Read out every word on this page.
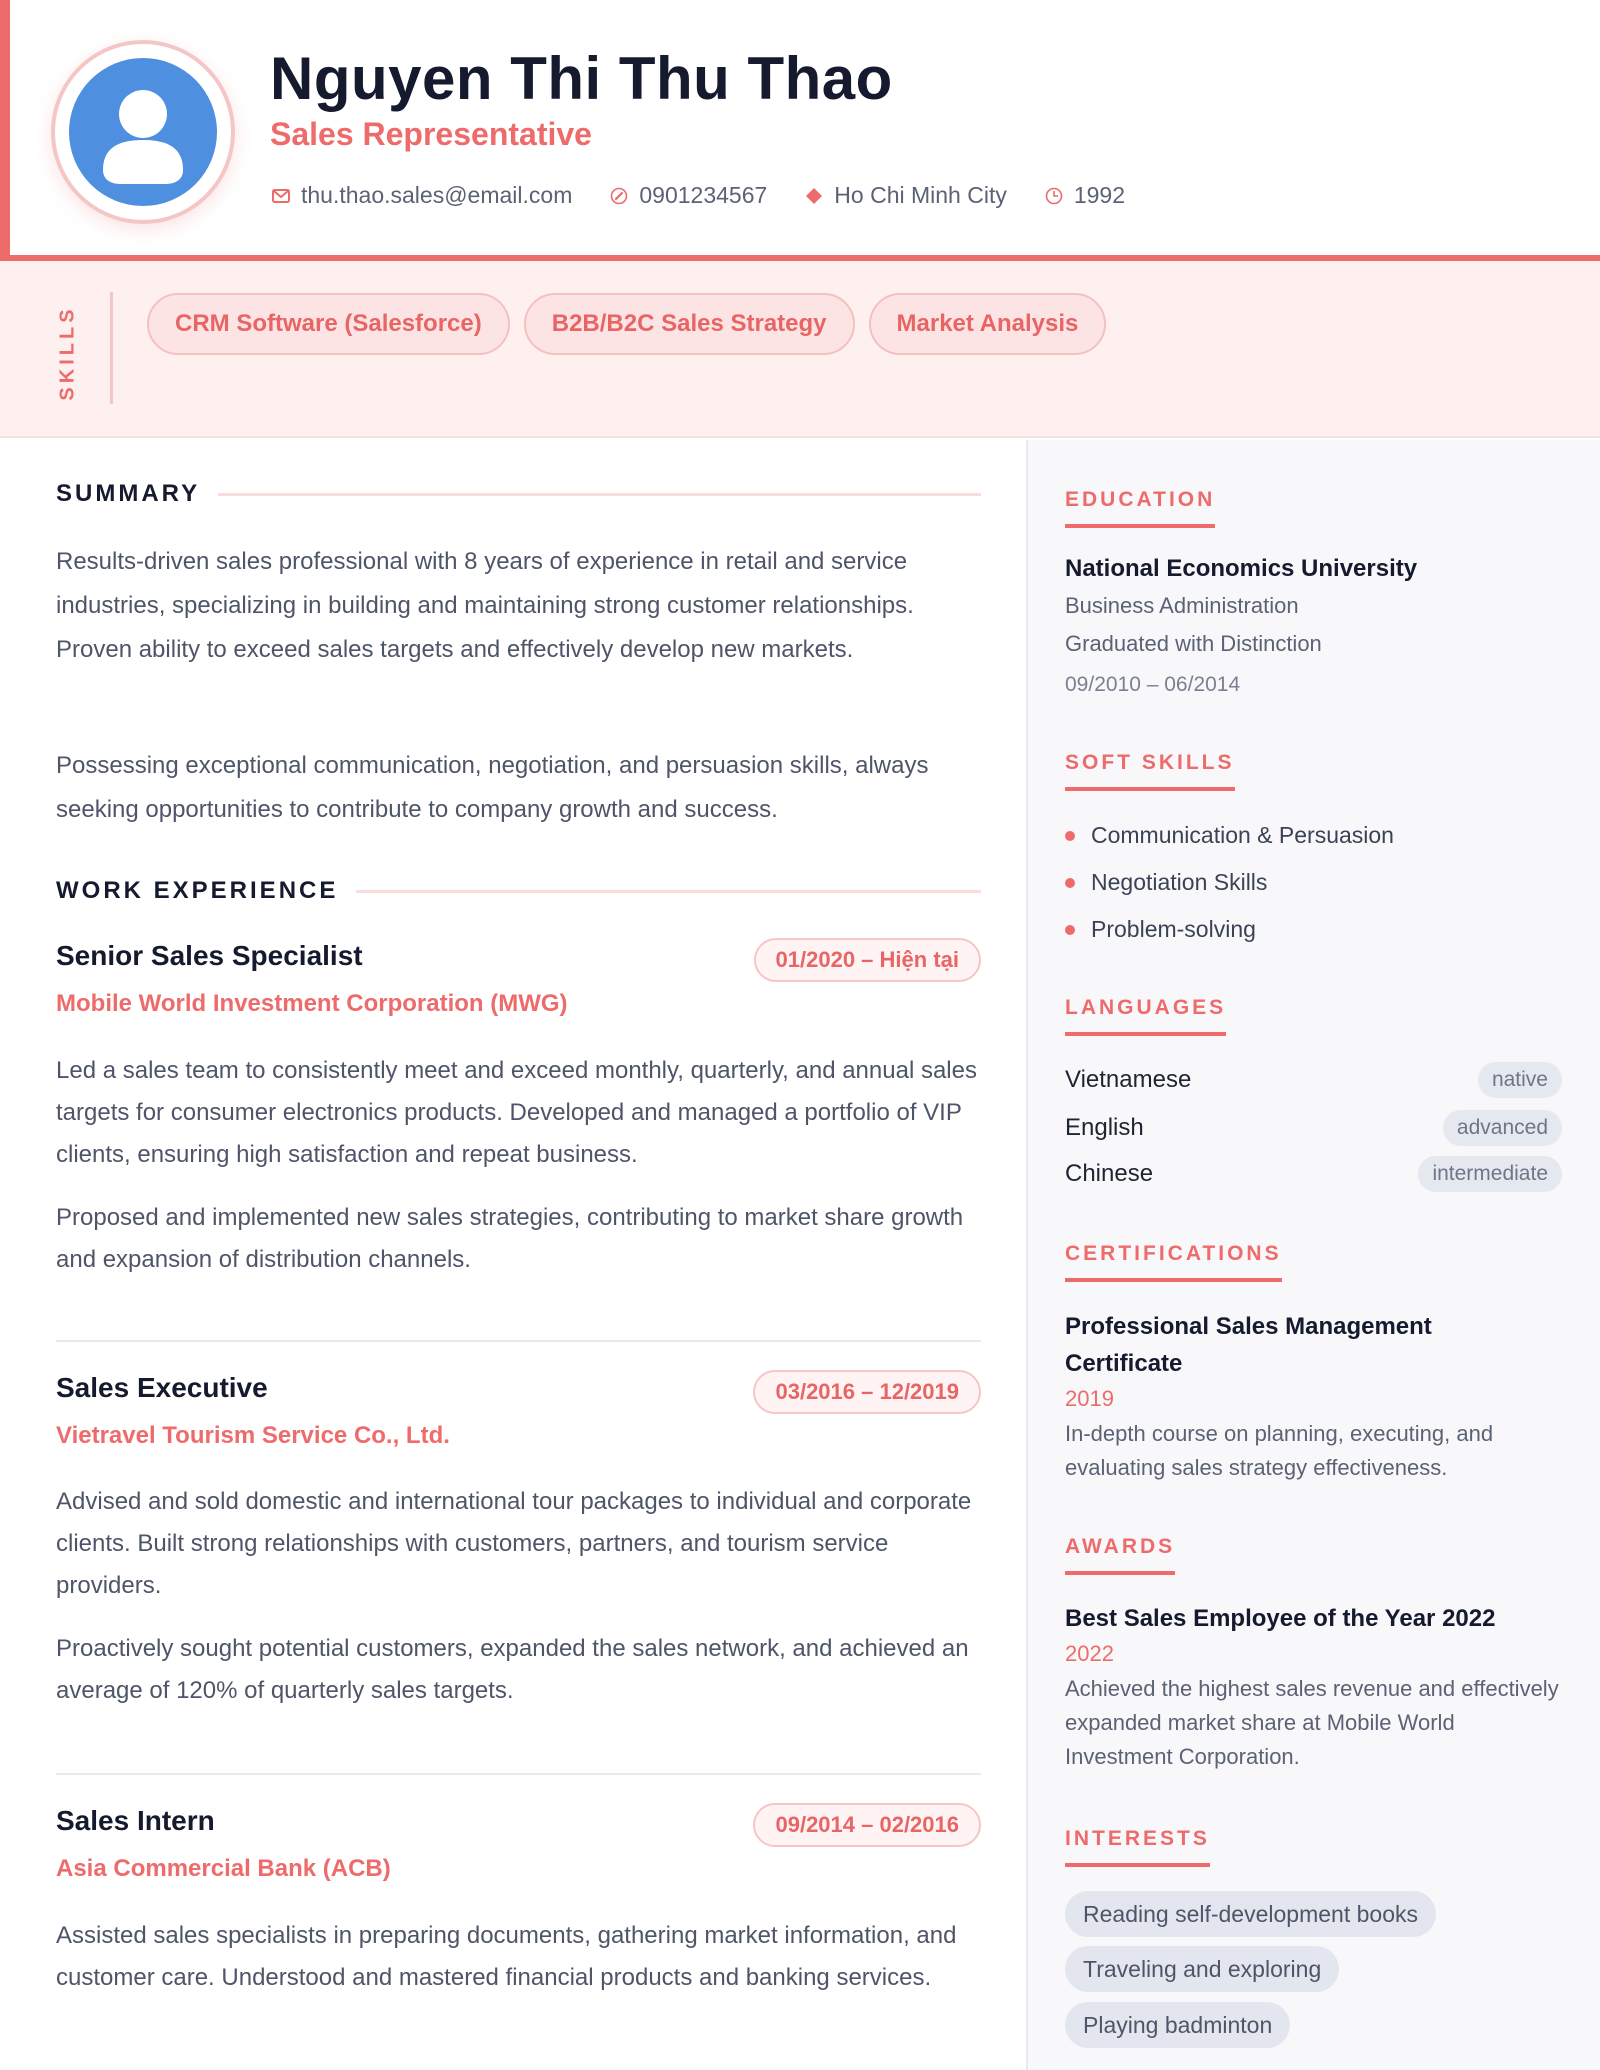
Nguyen Thi Thu Thao
Sales Representative
thu.thao.sales@email.com	0901234567	Ho Chi Minh City	1992
SKILLS	CRM Software (Salesforce)	B2B/B2C Sales Strategy	Market Analysis
SUMMARY

Results-driven sales professional with 8 years of experience in retail and service industries, specializing in building and maintaining strong customer relationships. Proven ability to exceed sales targets and effectively develop new markets.

Possessing exceptional communication, negotiation, and persuasion skills, always seeking opportunities to contribute to company growth and success.

WORK EXPERIENCE
Senior Sales Specialist	01/2020 – Hiện tại
Mobile World Investment Corporation (MWG)

Led a sales team to consistently meet and exceed monthly, quarterly, and annual sales targets for consumer electronics products. Developed and managed a portfolio of VIP clients, ensuring high satisfaction and repeat business.

Proposed and implemented new sales strategies, contributing to market share growth and expansion of distribution channels.

Sales Executive	03/2016 – 12/2019
Vietravel Tourism Service Co., Ltd.

Advised and sold domestic and international tour packages to individual and corporate clients. Built strong relationships with customers, partners, and tourism service providers.

Proactively sought potential customers, expanded the sales network, and achieved an average of 120% of quarterly sales targets.

Sales Intern	09/2014 – 02/2016
Asia Commercial Bank (ACB)

Assisted sales specialists in preparing documents, gathering market information, and customer care. Understood and mastered financial products and banking services.

EDUCATION
National Economics University
Business Administration
Graduated with Distinction
09/2010 – 06/2014
SOFT SKILLS
Communication & Persuasion
Negotiation Skills
Problem-solving
LANGUAGES
Vietnamese	native
English	advanced
Chinese	intermediate
CERTIFICATIONS
Professional Sales Management Certificate
2019
In-depth course on planning, executing, and evaluating sales strategy effectiveness.
AWARDS
Best Sales Employee of the Year 2022
2022
Achieved the highest sales revenue and effectively expanded market share at Mobile World Investment Corporation.
INTERESTS
Reading self-development books
Traveling and exploring
Playing badminton
